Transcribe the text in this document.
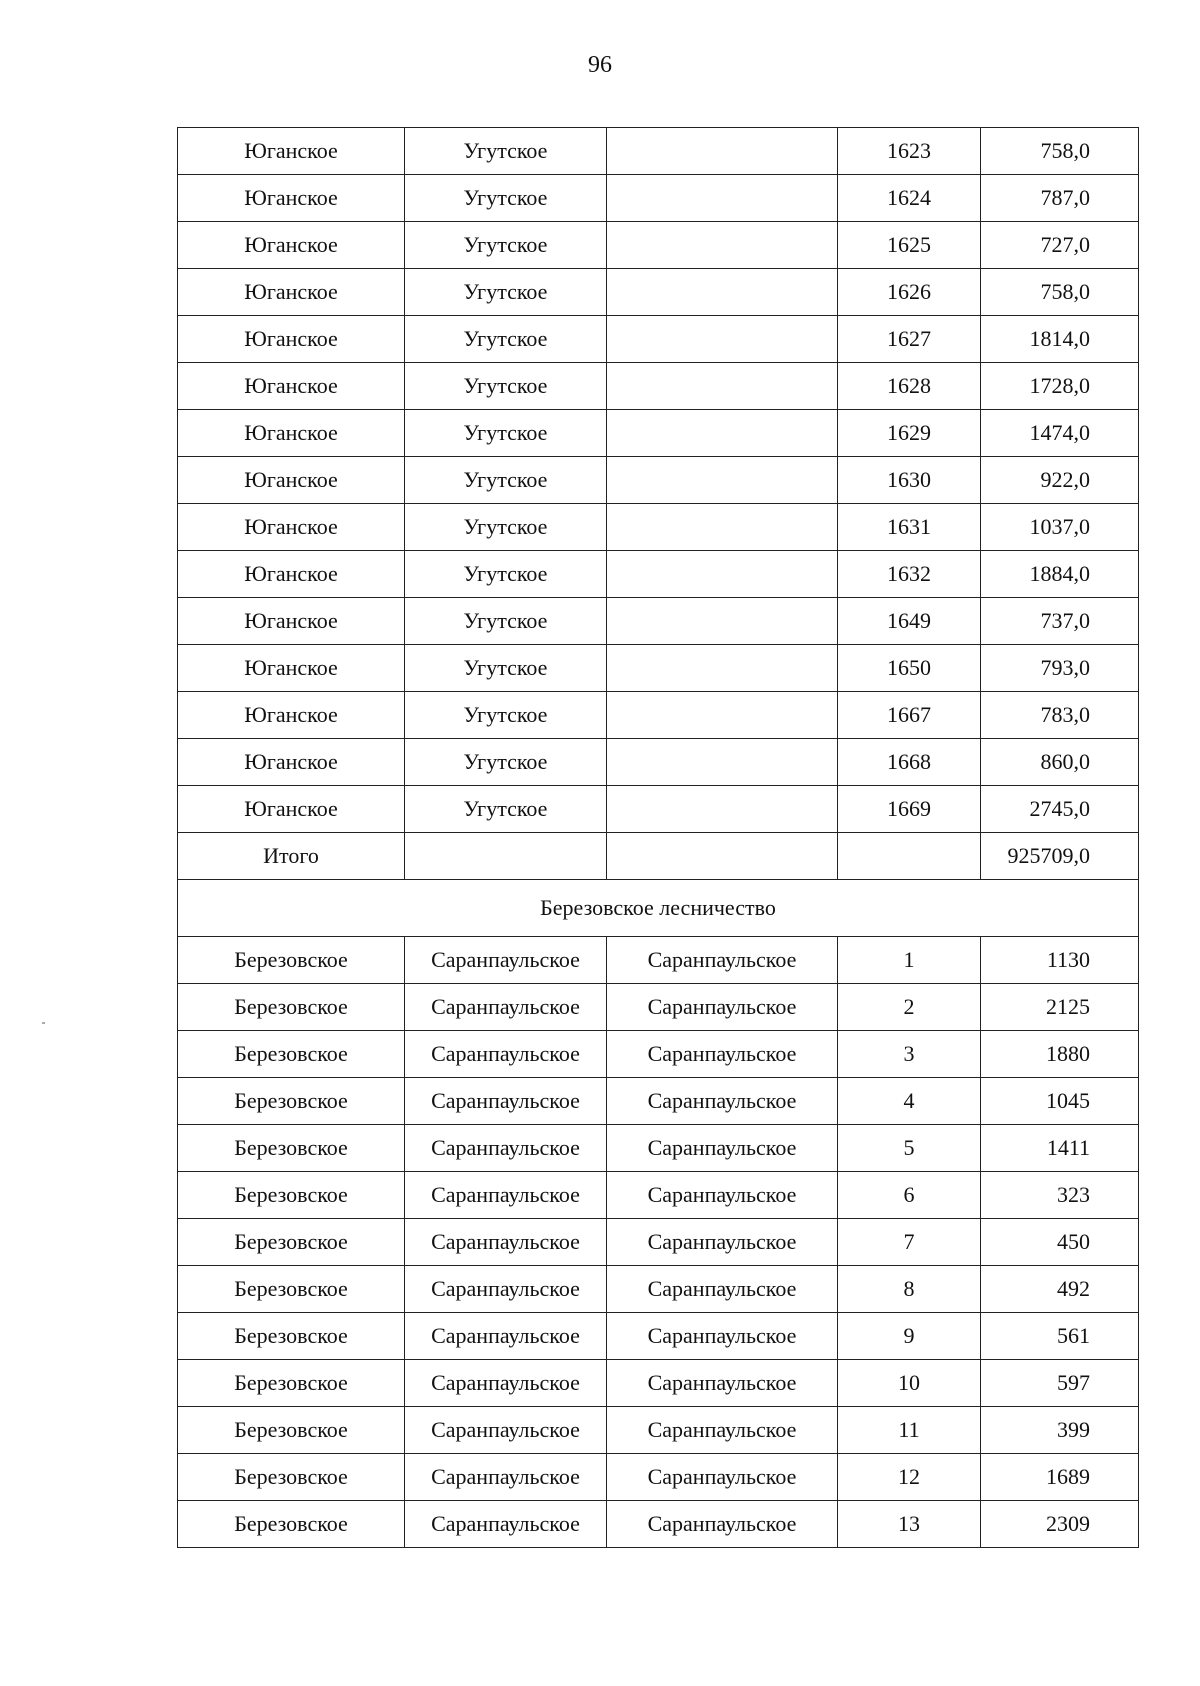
96
Юганское	Угутское		1623	758,0
Юганское	Угутское		1624	787,0
Юганское	Угутское		1625	727,0
Юганское	Угутское		1626	758,0
Юганское	Угутское		1627	1814,0
Юганское	Угутское		1628	1728,0
Юганское	Угутское		1629	1474,0
Юганское	Угутское		1630	922,0
Юганское	Угутское		1631	1037,0
Юганское	Угутское		1632	1884,0
Юганское	Угутское		1649	737,0
Юганское	Угутское		1650	793,0
Юганское	Угутское		1667	783,0
Юганское	Угутское		1668	860,0
Юганское	Угутское		1669	2745,0
Итого				925709,0
Березовское лесничество				
Березовское	Саранпаульское	Саранпаульское	1	1130
Березовское	Саранпаульское	Саранпаульское	2	2125
Березовское	Саранпаульское	Саранпаульское	3	1880
Березовское	Саранпаульское	Саранпаульское	4	1045
Березовское	Саранпаульское	Саранпаульское	5	1411
Березовское	Саранпаульское	Саранпаульское	6	323
Березовское	Саранпаульское	Саранпаульское	7	450
Березовское	Саранпаульское	Саранпаульское	8	492
Березовское	Саранпаульское	Саранпаульское	9	561
Березовское	Саранпаульское	Саранпаульское	10	597
Березовское	Саранпаульское	Саранпаульское	11	399
Березовское	Саранпаульское	Саранпаульское	12	1689
Березовское	Саранпаульское	Саранпаульское	13	2309
